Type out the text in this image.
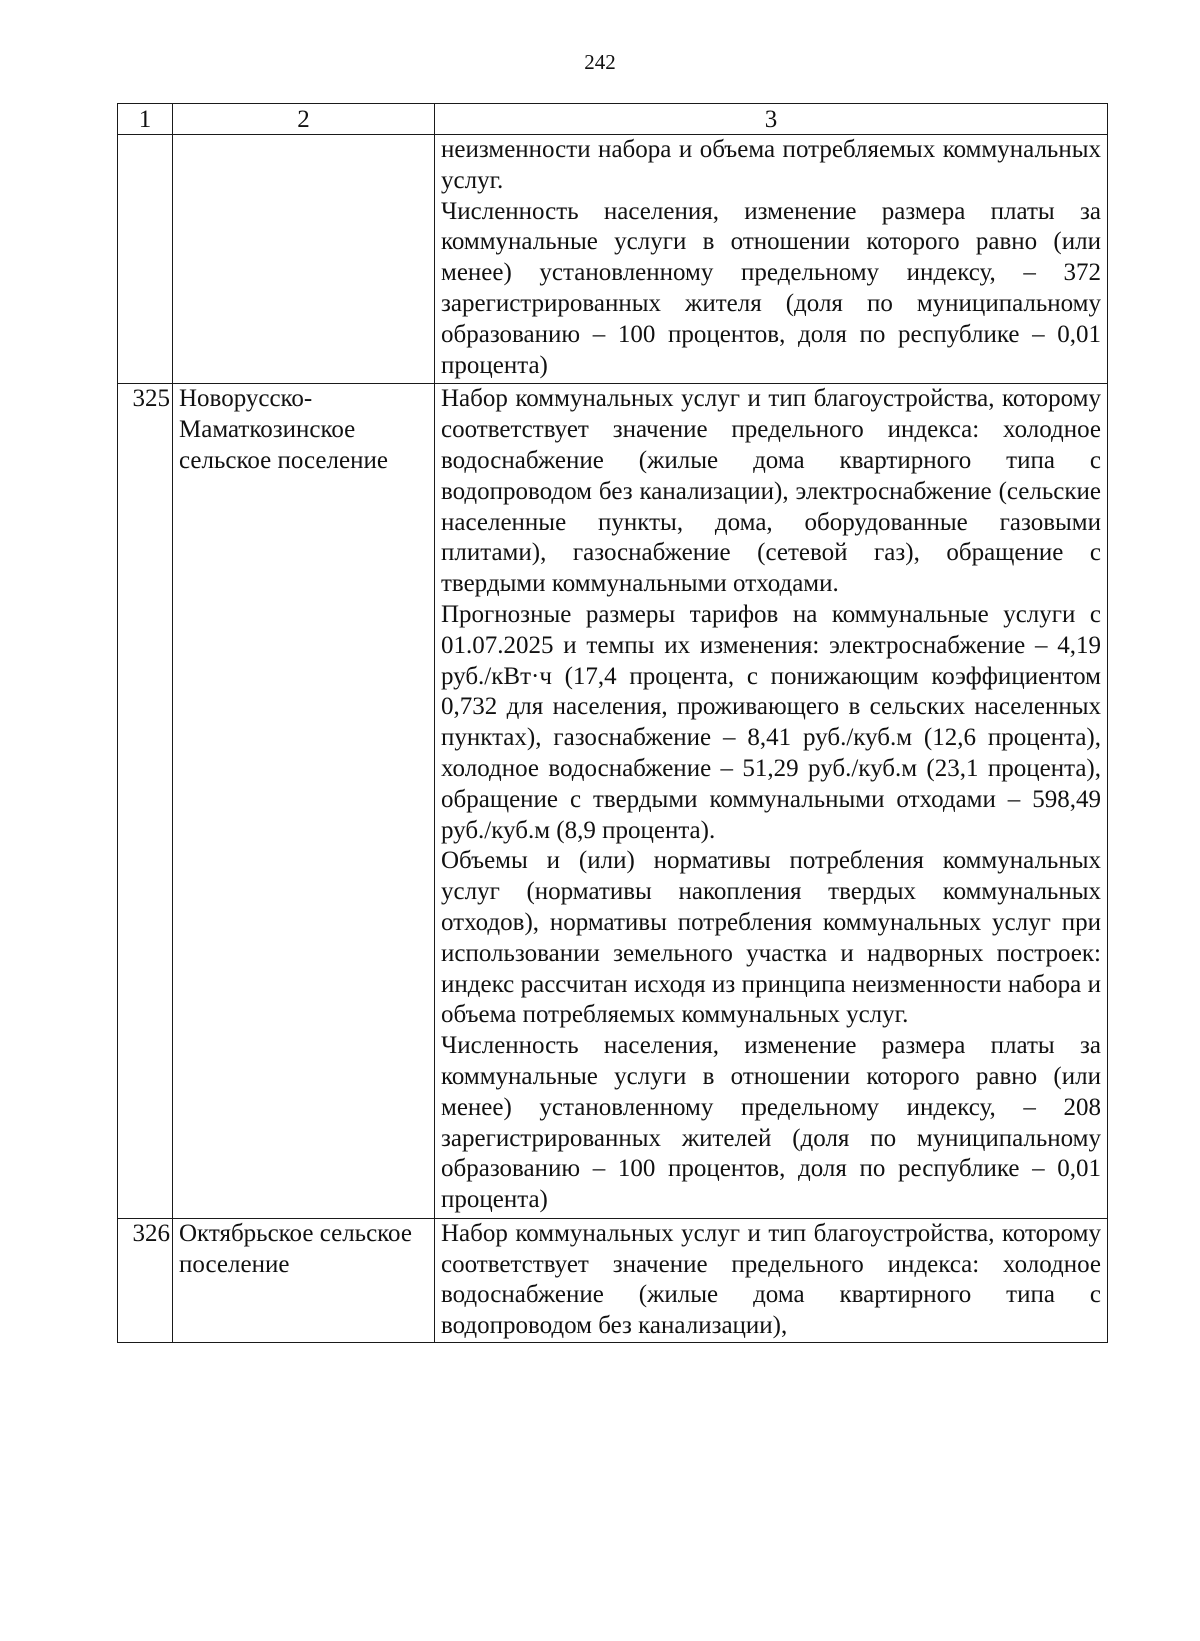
242
1	2	3

		неизменности набора и объема потребляемых коммунальных услуг.

Численность населения, изменение размера платы за коммунальные услуги в отношении которого равно (или менее) установленному предельному индексу, – 372 зарегистрированных жителя (доля по муниципальному образованию – 100 процентов, доля по республике – 0,01 процента)

325	Новорусско-Маматкозинское сельское поселение	Набор коммунальных услуг и тип благоустройства, которому соответствует значение предельного индекса: холодное водоснабжение (жилые дома квартирного типа с водопроводом без канализации), электроснабжение (сельские населенные пункты, дома, оборудованные газовыми плитами), газоснабжение (сетевой газ), обращение с твердыми коммунальными отходами.

Прогнозные размеры тарифов на коммунальные услуги с 01.07.2025 и темпы их изменения: электроснабжение – 4,19 руб./кВт·ч (17,4 процента, с понижающим коэффициентом 0,732 для населения, проживающего в сельских населенных пунктах), газоснабжение – 8,41 руб./куб.м (12,6 процента), холодное водоснабжение – 51,29 руб./куб.м (23,1 процента), обращение с твердыми коммунальными отходами – 598,49 руб./куб.м (8,9 процента).

Объемы и (или) нормативы потребления коммунальных услуг (нормативы накопления твердых коммунальных отходов), нормативы потребления коммунальных услуг при использовании земельного участка и надворных построек: индекс рассчитан исходя из принципа неизменности набора и объема потребляемых коммунальных услуг.

Численность населения, изменение размера платы за коммунальные услуги в отношении которого равно (или менее) установленному предельному индексу, – 208 зарегистрированных жителей (доля по муниципальному образованию – 100 процентов, доля по республике – 0,01 процента)

326	Октябрьское сельское поселение	Набор коммунальных услуг и тип благоустройства, которому соответствует значение предельного индекса: холодное водоснабжение (жилые дома квартирного типа с водопроводом без канализации),
